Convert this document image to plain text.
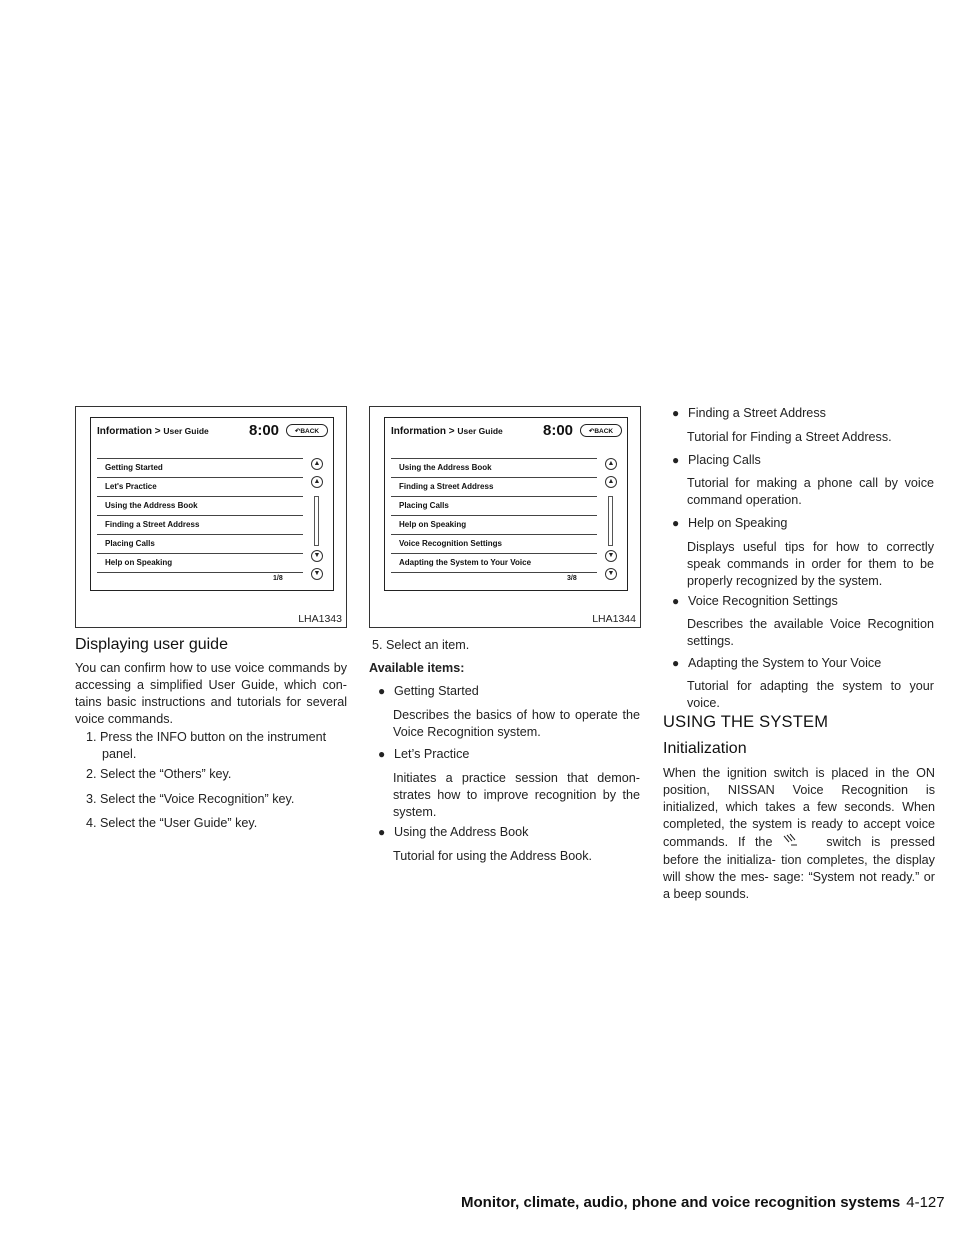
Information > User Guide	8:00	↶BACK
Getting Started
Let's Practice
Using the Address Book
Finding a Street Address
Placing Calls
Help on Speaking
▲
▲
▼
▼
1/8
LHA1343
Information > User Guide	8:00	↶BACK
Using the Address Book
Finding a Street Address
Placing Calls
Help on Speaking
Voice Recognition Settings
Adapting the System to Your Voice
▲
▲
▼
▼
3/8
LHA1344
Displaying user guide

You can confirm how to use voice commands by accessing a simplified User Guide, which con- tains basic instructions and tutorials for several voice commands.

1. Press the INFO button on the instrument
panel.
2. Select the “Others” key.
3. Select the “Voice Recognition” key.
4. Select the “User Guide” key.
5. Select an item.
Available items:
● Getting Started
Describes the basics of how to operate the Voice Recognition system.
● Let’s Practice
Initiates a practice session that demon- strates how to improve recognition by the system.
● Using the Address Book
Tutorial for using the Address Book.
● Finding a Street Address
Tutorial for Finding a Street Address.
● Placing Calls
Tutorial for making a phone call by voice command operation.
● Help on Speaking
Displays useful tips for how to correctly speak commands in order for them to be properly recognized by the system.
● Voice Recognition Settings
Describes the available Voice Recognition settings.
● Adapting the System to Your Voice
Tutorial for adapting the system to your voice.
USING THE SYSTEM
Initialization

When the ignition switch is placed in the ON position, NISSAN Voice Recognition is initialized, which takes a few seconds. When completed, the system is ready to accept voice commands. If the	switch is pressed before the initializa- tion completes, the display will show the mes- sage: “System not ready.” or a beep sounds.

Monitor, climate, audio, phone and voice recognition systems 4-127
